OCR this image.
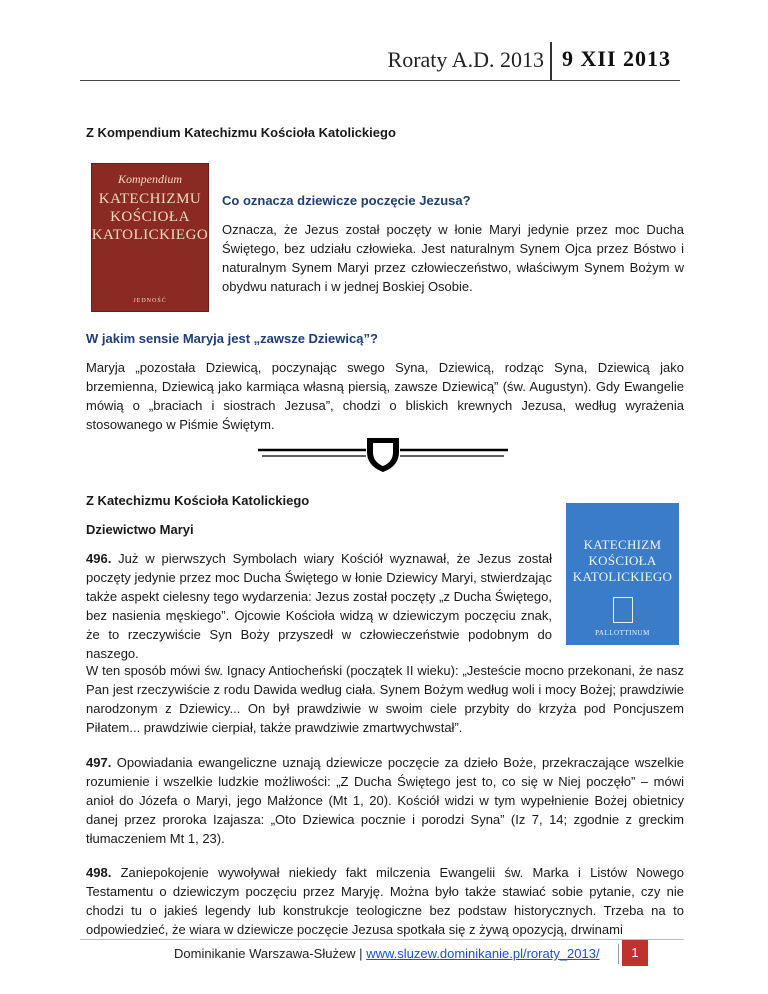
Roraty A.D. 2013 9 XII 2013
Z Kompendium Katechizmu Kościoła Katolickiego
Kompendium
KATECHIZMU
KOŚCIOŁA
KATOLICKIEGO
JEDNOŚĆ
Co oznacza dziewicze poczęcie Jezusa?
Oznacza, że Jezus został poczęty w łonie Maryi jedynie przez moc Ducha Świętego, bez udziału człowieka. Jest naturalnym Synem Ojca przez Bóstwo i naturalnym Synem Maryi przez człowieczeństwo, właściwym Synem Bożym w obydwu naturach i w jednej Boskiej Osobie.
W jakim sensie Maryja jest „zawsze Dziewicą”?
Maryja „pozostała Dziewicą, poczynając swego Syna, Dziewicą, rodząc Syna, Dziewicą jako brzemienna, Dziewicą jako karmiąca własną piersią, zawsze Dziewicą” (św. Augustyn). Gdy Ewangelie mówią o „braciach i siostrach Jezusa”, chodzi o bliskich krewnych Jezusa, według wyrażenia stosowanego w Piśmie Świętym.
Z Katechizmu Kościoła Katolickiego
Dziewictwo Maryi
496. Już w pierwszych Symbolach wiary Kościół wyznawał, że Jezus został poczęty jedynie przez moc Ducha Świętego w łonie Dziewicy Maryi, stwierdzając także aspekt cielesny tego wydarzenia: Jezus został poczęty „z Ducha Świętego, bez nasienia męskiego”. Ojcowie Kościoła widzą w dziewiczym poczęciu znak, że to rzeczywiście Syn Boży przyszedł w człowieczeństwie podobnym do naszego.
KATECHIZM
KOŚCIOŁA
KATOLICKIEGO
PALLOTTINUM
W ten sposób mówi św. Ignacy Antiocheński (początek II wieku): „Jesteście mocno przekonani, że nasz Pan jest rzeczywiście z rodu Dawida według ciała. Synem Bożym według woli i mocy Bożej; prawdziwie narodzonym z Dziewicy... On był prawdziwie w swoim ciele przybity do krzyża pod Poncjuszem Piłatem... prawdziwie cierpiał, także prawdziwie zmartwychwstał”.
497. Opowiadania ewangeliczne uznają dziewicze poczęcie za dzieło Boże, przekraczające wszelkie rozumienie i wszelkie ludzkie możliwości: „Z Ducha Świętego jest to, co się w Niej poczęło” – mówi anioł do Józefa o Maryi, jego Małżonce (Mt 1, 20). Kościół widzi w tym wypełnienie Bożej obietnicy danej przez proroka Izajasza: „Oto Dziewica pocznie i porodzi Syna” (Iz 7, 14; zgodnie z greckim tłumaczeniem Mt 1, 23).
498. Zaniepokojenie wywoływał niekiedy fakt milczenia Ewangelii św. Marka i Listów Nowego Testamentu o dziewiczym poczęciu przez Maryję. Można było także stawiać sobie pytanie, czy nie chodzi tu o jakieś legendy lub konstrukcje teologiczne bez podstaw historycznych. Trzeba na to odpowiedzieć, że wiara w dziewicze poczęcie Jezusa spotkała się z żywą opozycją, drwinami
Dominikanie Warszawa-Służew | www.sluzew.dominikanie.pl/roraty_2013/	1
